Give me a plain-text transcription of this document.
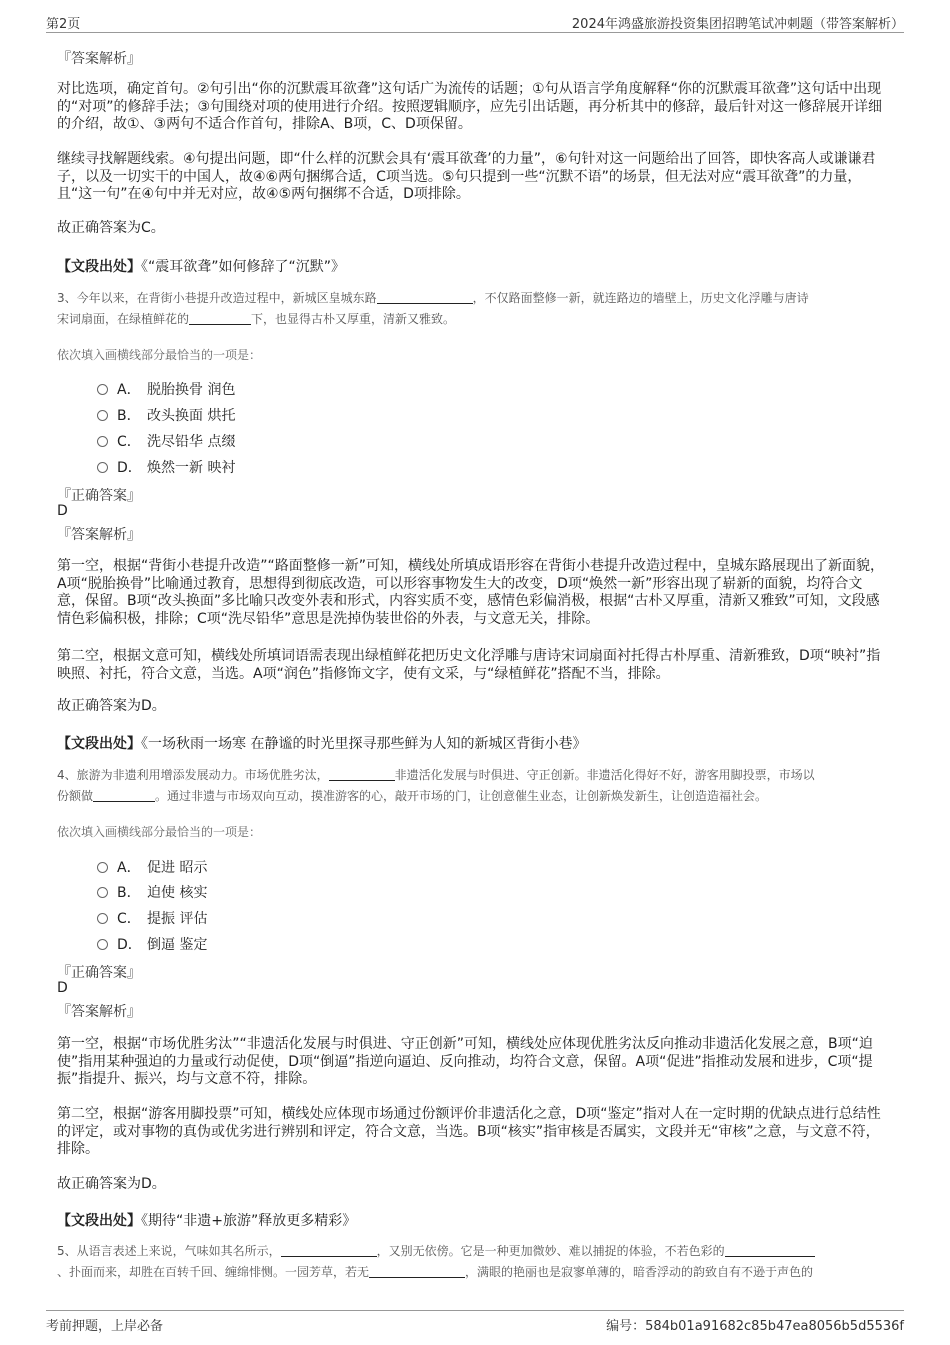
第2页	2024年鸿盛旅游投资集团招聘笔试冲刺题（带答案解析）
『答案解析』
对比选项，确定首句。②句引出“你的沉默震耳欲聋”这句话广为流传的话题；①句从语言学角度解释“你的沉默震耳欲聋”这句话中出现的“对项”的修辞手法；③句围绕对项的使用进行介绍。按照逻辑顺序，应先引出话题，再分析其中的修辞，最后针对这一修辞展开详细的介绍，故①、③两句不适合作首句，排除A、B项，C、D项保留。
继续寻找解题线索。④句提出问题，即“什么样的沉默会具有‘震耳欲聋’的力量”，⑥句针对这一问题给出了回答，即快客高人或谦谦君子，以及一切实干的中国人，故④⑥两句捆绑合适，C项当选。⑤句只提到一些“沉默不语”的场景，但无法对应“震耳欲聋”的力量，且“这一句”在④句中并无对应，故④⑤两句捆绑不合适，D项排除。
故正确答案为C。
【文段出处】《“震耳欲聋”如何修辞了“沉默”》
3、今年以来，在背街小巷提升改造过程中，新城区皇城东路	，不仅路面整修一新，就连路边的墙壁上，历史文化浮雕与唐诗
宋词扇面，在绿植鲜花的	下，也显得古朴又厚重，清新又雅致。
依次填入画横线部分最恰当的一项是：
A． 脱胎换骨 润色
B． 改头换面 烘托
C． 洗尽铅华 点缀
D． 焕然一新 映衬
『正确答案』
D
『答案解析』
第一空，根据“背街小巷提升改造”“路面整修一新”可知，横线处所填成语形容在背街小巷提升改造过程中，皇城东路展现出了新面貌，A项“脱胎换骨”比喻通过教育，思想得到彻底改造，可以形容事物发生大的改变，D项“焕然一新”形容出现了崭新的面貌，均符合文意，保留。B项“改头换面”多比喻只改变外表和形式，内容实质不变，感情色彩偏消极，根据“古朴又厚重，清新又雅致”可知，文段感情色彩偏积极，排除；C项“洗尽铅华”意思是洗掉伪装世俗的外表，与文意无关，排除。
第二空，根据文意可知，横线处所填词语需表现出绿植鲜花把历史文化浮雕与唐诗宋词扇面衬托得古朴厚重、清新雅致，D项“映衬”指映照、衬托，符合文意，当选。A项“润色”指修饰文字，使有文采，与“绿植鲜花”搭配不当，排除。
故正确答案为D。
【文段出处】《一场秋雨一场寒 在静谧的时光里探寻那些鲜为人知的新城区背街小巷》
4、旅游为非遗利用增添发展动力。市场优胜劣汰，	非遗活化发展与时俱进、守正创新。非遗活化得好不好，游客用脚投票，市场以
份额做	。通过非遗与市场双向互动，摸准游客的心，敲开市场的门，让创意催生业态，让创新焕发新生，让创造造福社会。
依次填入画横线部分最恰当的一项是：
A． 促进 昭示
B． 迫使 核实
C． 提振 评估
D． 倒逼 鉴定
『正确答案』
D
『答案解析』
第一空，根据“市场优胜劣汰”“非遗活化发展与时俱进、守正创新”可知，横线处应体现优胜劣汰反向推动非遗活化发展之意，B项“迫使”指用某种强迫的力量或行动促使，D项“倒逼”指逆向逼迫、反向推动，均符合文意，保留。A项“促进”指推动发展和进步，C项“提振”指提升、振兴，均与文意不符，排除。
第二空，根据“游客用脚投票”可知，横线处应体现市场通过份额评价非遗活化之意，D项“鉴定”指对人在一定时期的优缺点进行总结性的评定，或对事物的真伪或优劣进行辨别和评定，符合文意，当选。B项“核实”指审核是否属实，文段并无“审核”之意，与文意不符，排除。
故正确答案为D。
【文段出处】《期待“非遗+旅游”释放更多精彩》
5、从语言表述上来说，气味如其名所示，	，又别无依傍。它是一种更加微妙、难以捕捉的体验，不若色彩的
、扑面而来，却胜在百转千回、缠绵悱恻。一园芳草，若无	，满眼的艳丽也是寂寥单薄的，暗香浮动的韵致自有不逊于声色的
考前押题，上岸必备	编号：584b01a91682c85b47ea8056b5d5536f
